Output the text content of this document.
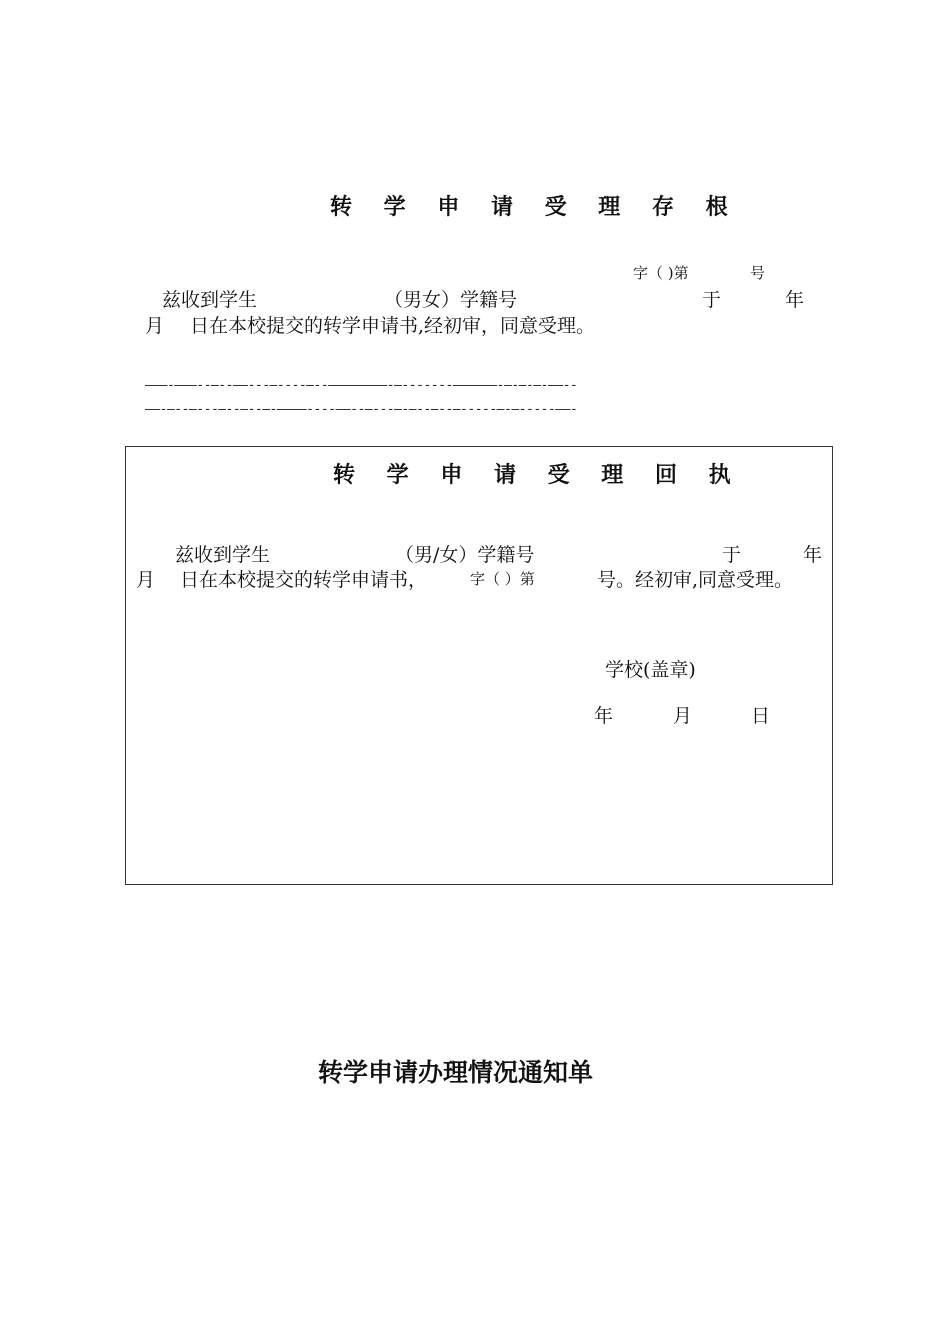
转 学 申 请 受 理 存 根
字（ )第	号
兹收到学生	（男女）学籍号	于	年
月 日在本校提交的转学申请书,经初审，同意受理。
———-———--—--——---—----—--————————-—-------——————-—-—-—-——--
——-—--—---—--—--—-————----——--—---—-—--—--—-----—-—-----——-
转 学 申 请 受 理 回 执
兹收到学生	（男/女）学籍号	于	年
月 日在本校提交的转学申请书，	字（ ）第	号。经初审,同意受理。
学校(盖章)
年	月	日
转学申请办理情况通知单
